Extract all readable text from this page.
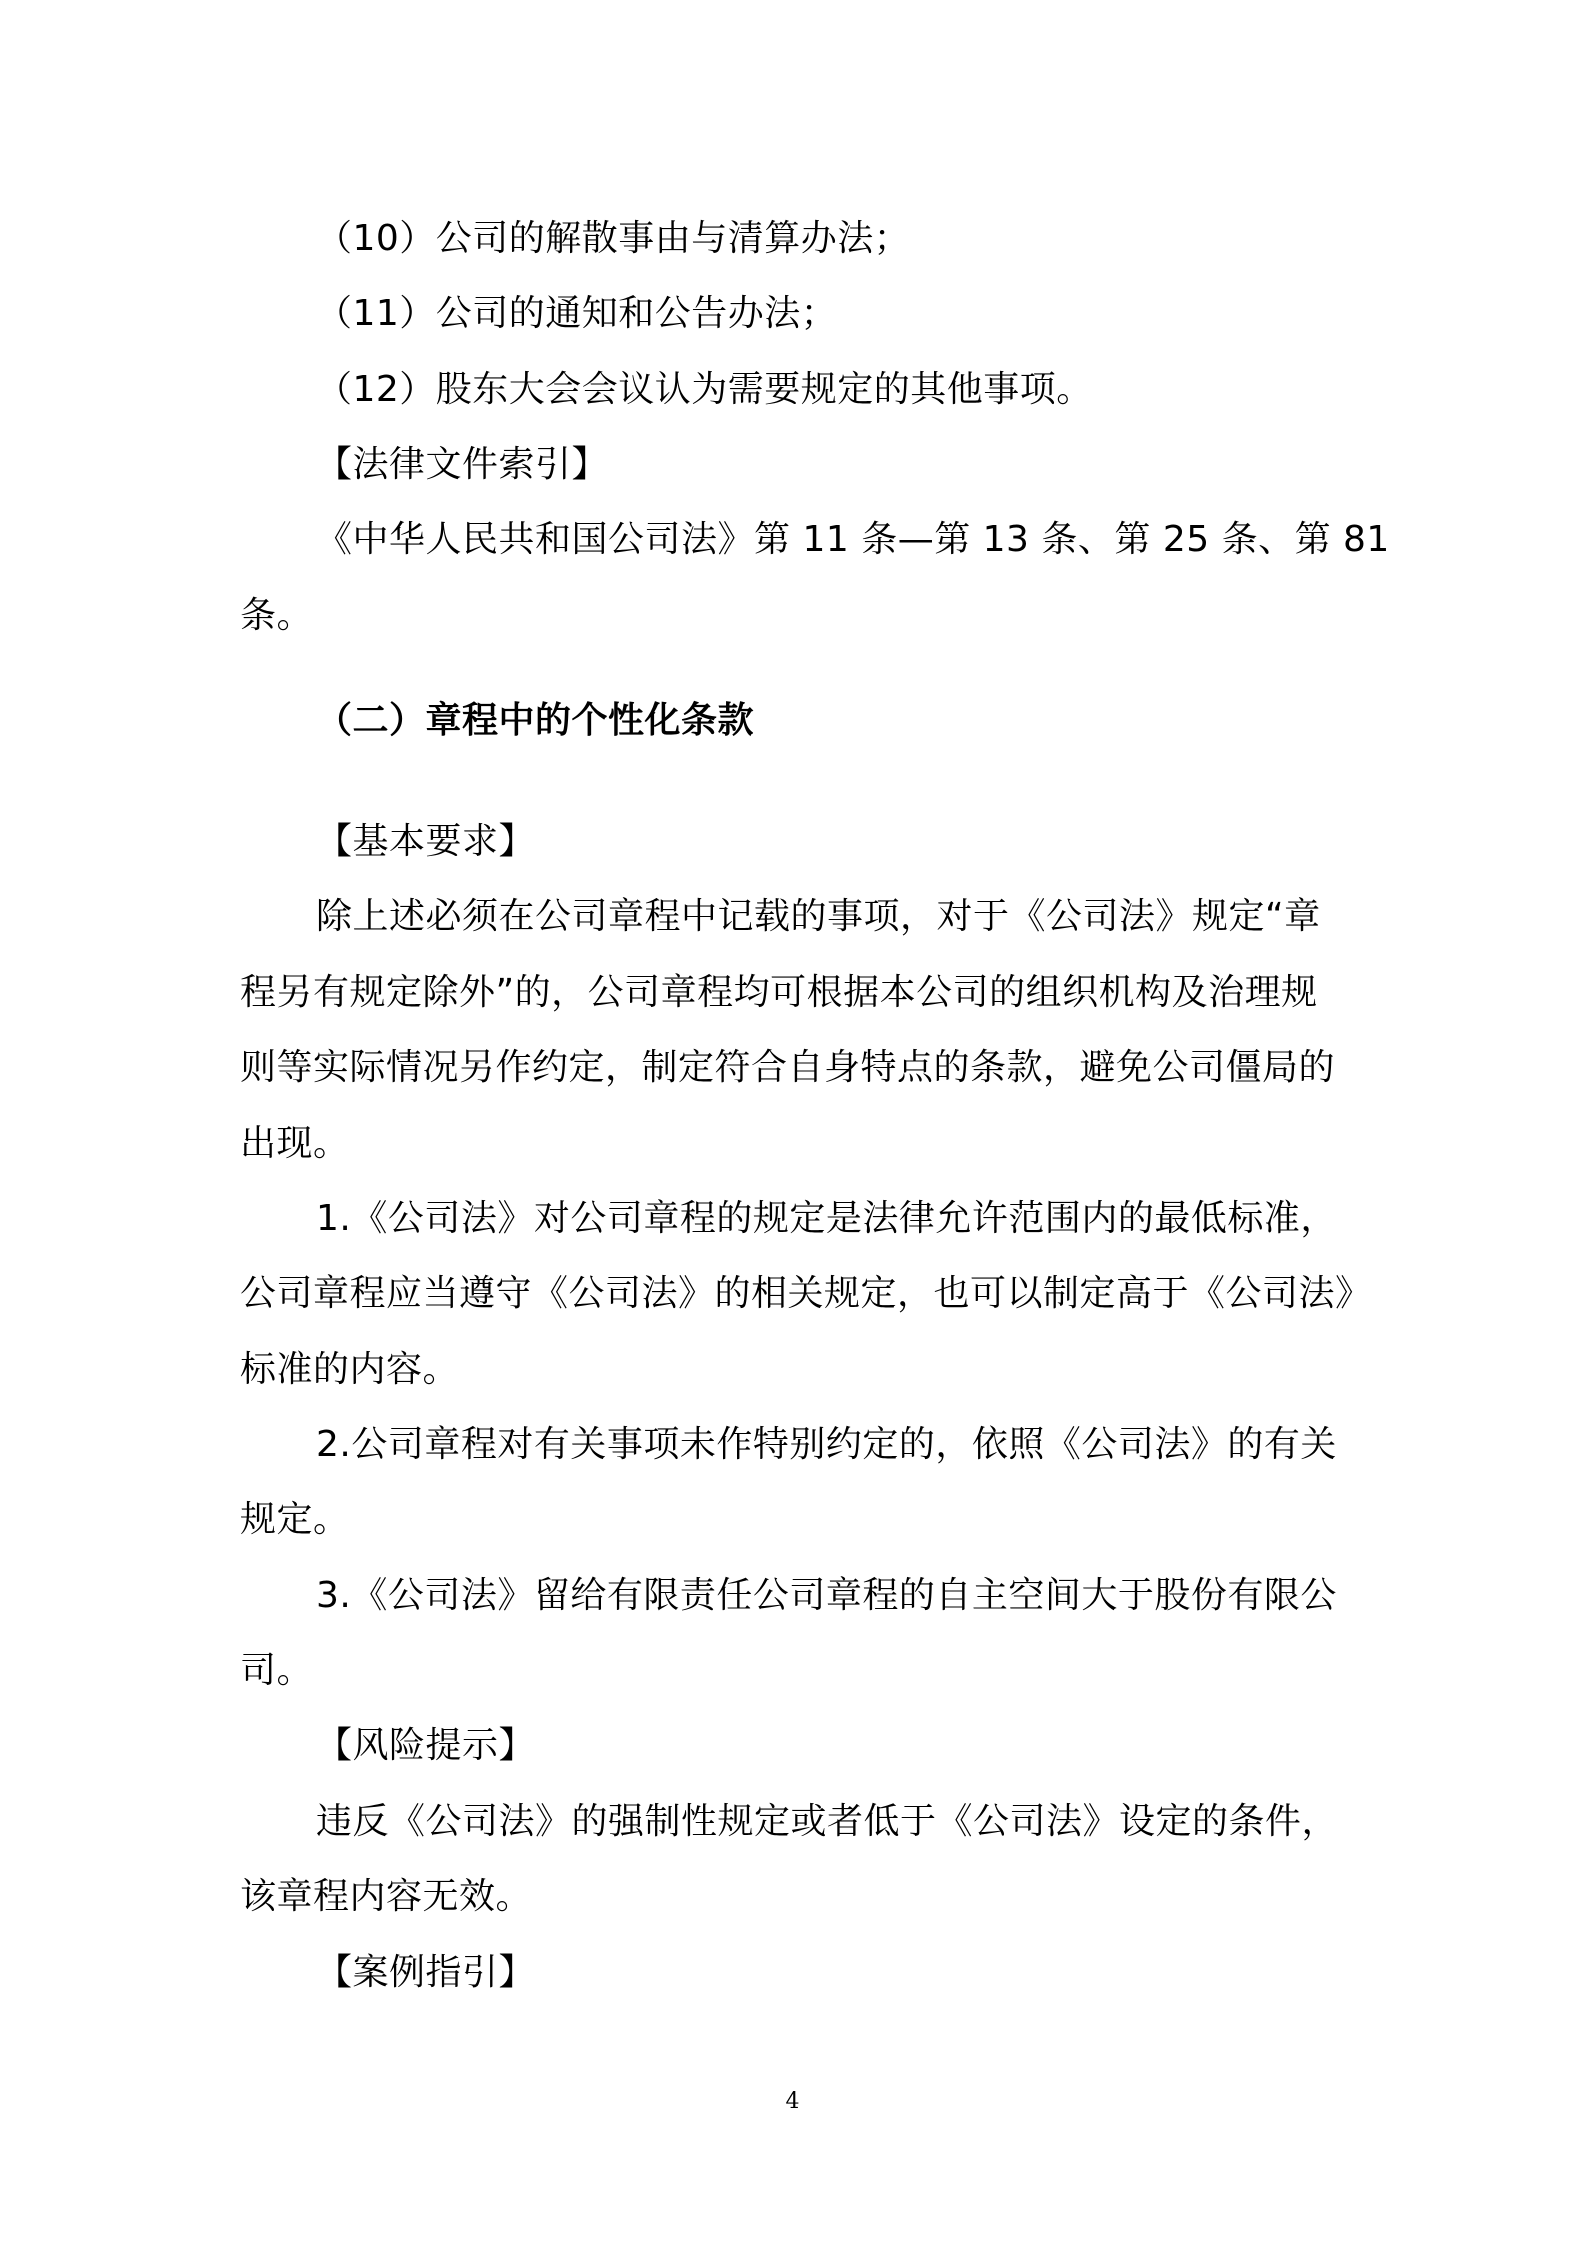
（10）公司的解散事由与清算办法；
（11）公司的通知和公告办法；
（12）股东大会会议认为需要规定的其他事项。
【法律文件索引】
《中华人民共和国公司法》第 11 条—第 13 条、第 25 条、第 81
条。
（二）章程中的个性化条款
【基本要求】
除上述必须在公司章程中记载的事项，对于《公司法》规定“章
程另有规定除外”的，公司章程均可根据本公司的组织机构及治理规
则等实际情况另作约定，制定符合自身特点的条款，避免公司僵局的
出现。
1.《公司法》对公司章程的规定是法律允许范围内的最低标准，
公司章程应当遵守《公司法》的相关规定，也可以制定高于《公司法》
标准的内容。
2.公司章程对有关事项未作特别约定的，依照《公司法》的有关
规定。
3.《公司法》留给有限责任公司章程的自主空间大于股份有限公
司。
【风险提示】
违反《公司法》的强制性规定或者低于《公司法》设定的条件，
该章程内容无效。
【案例指引】
4
